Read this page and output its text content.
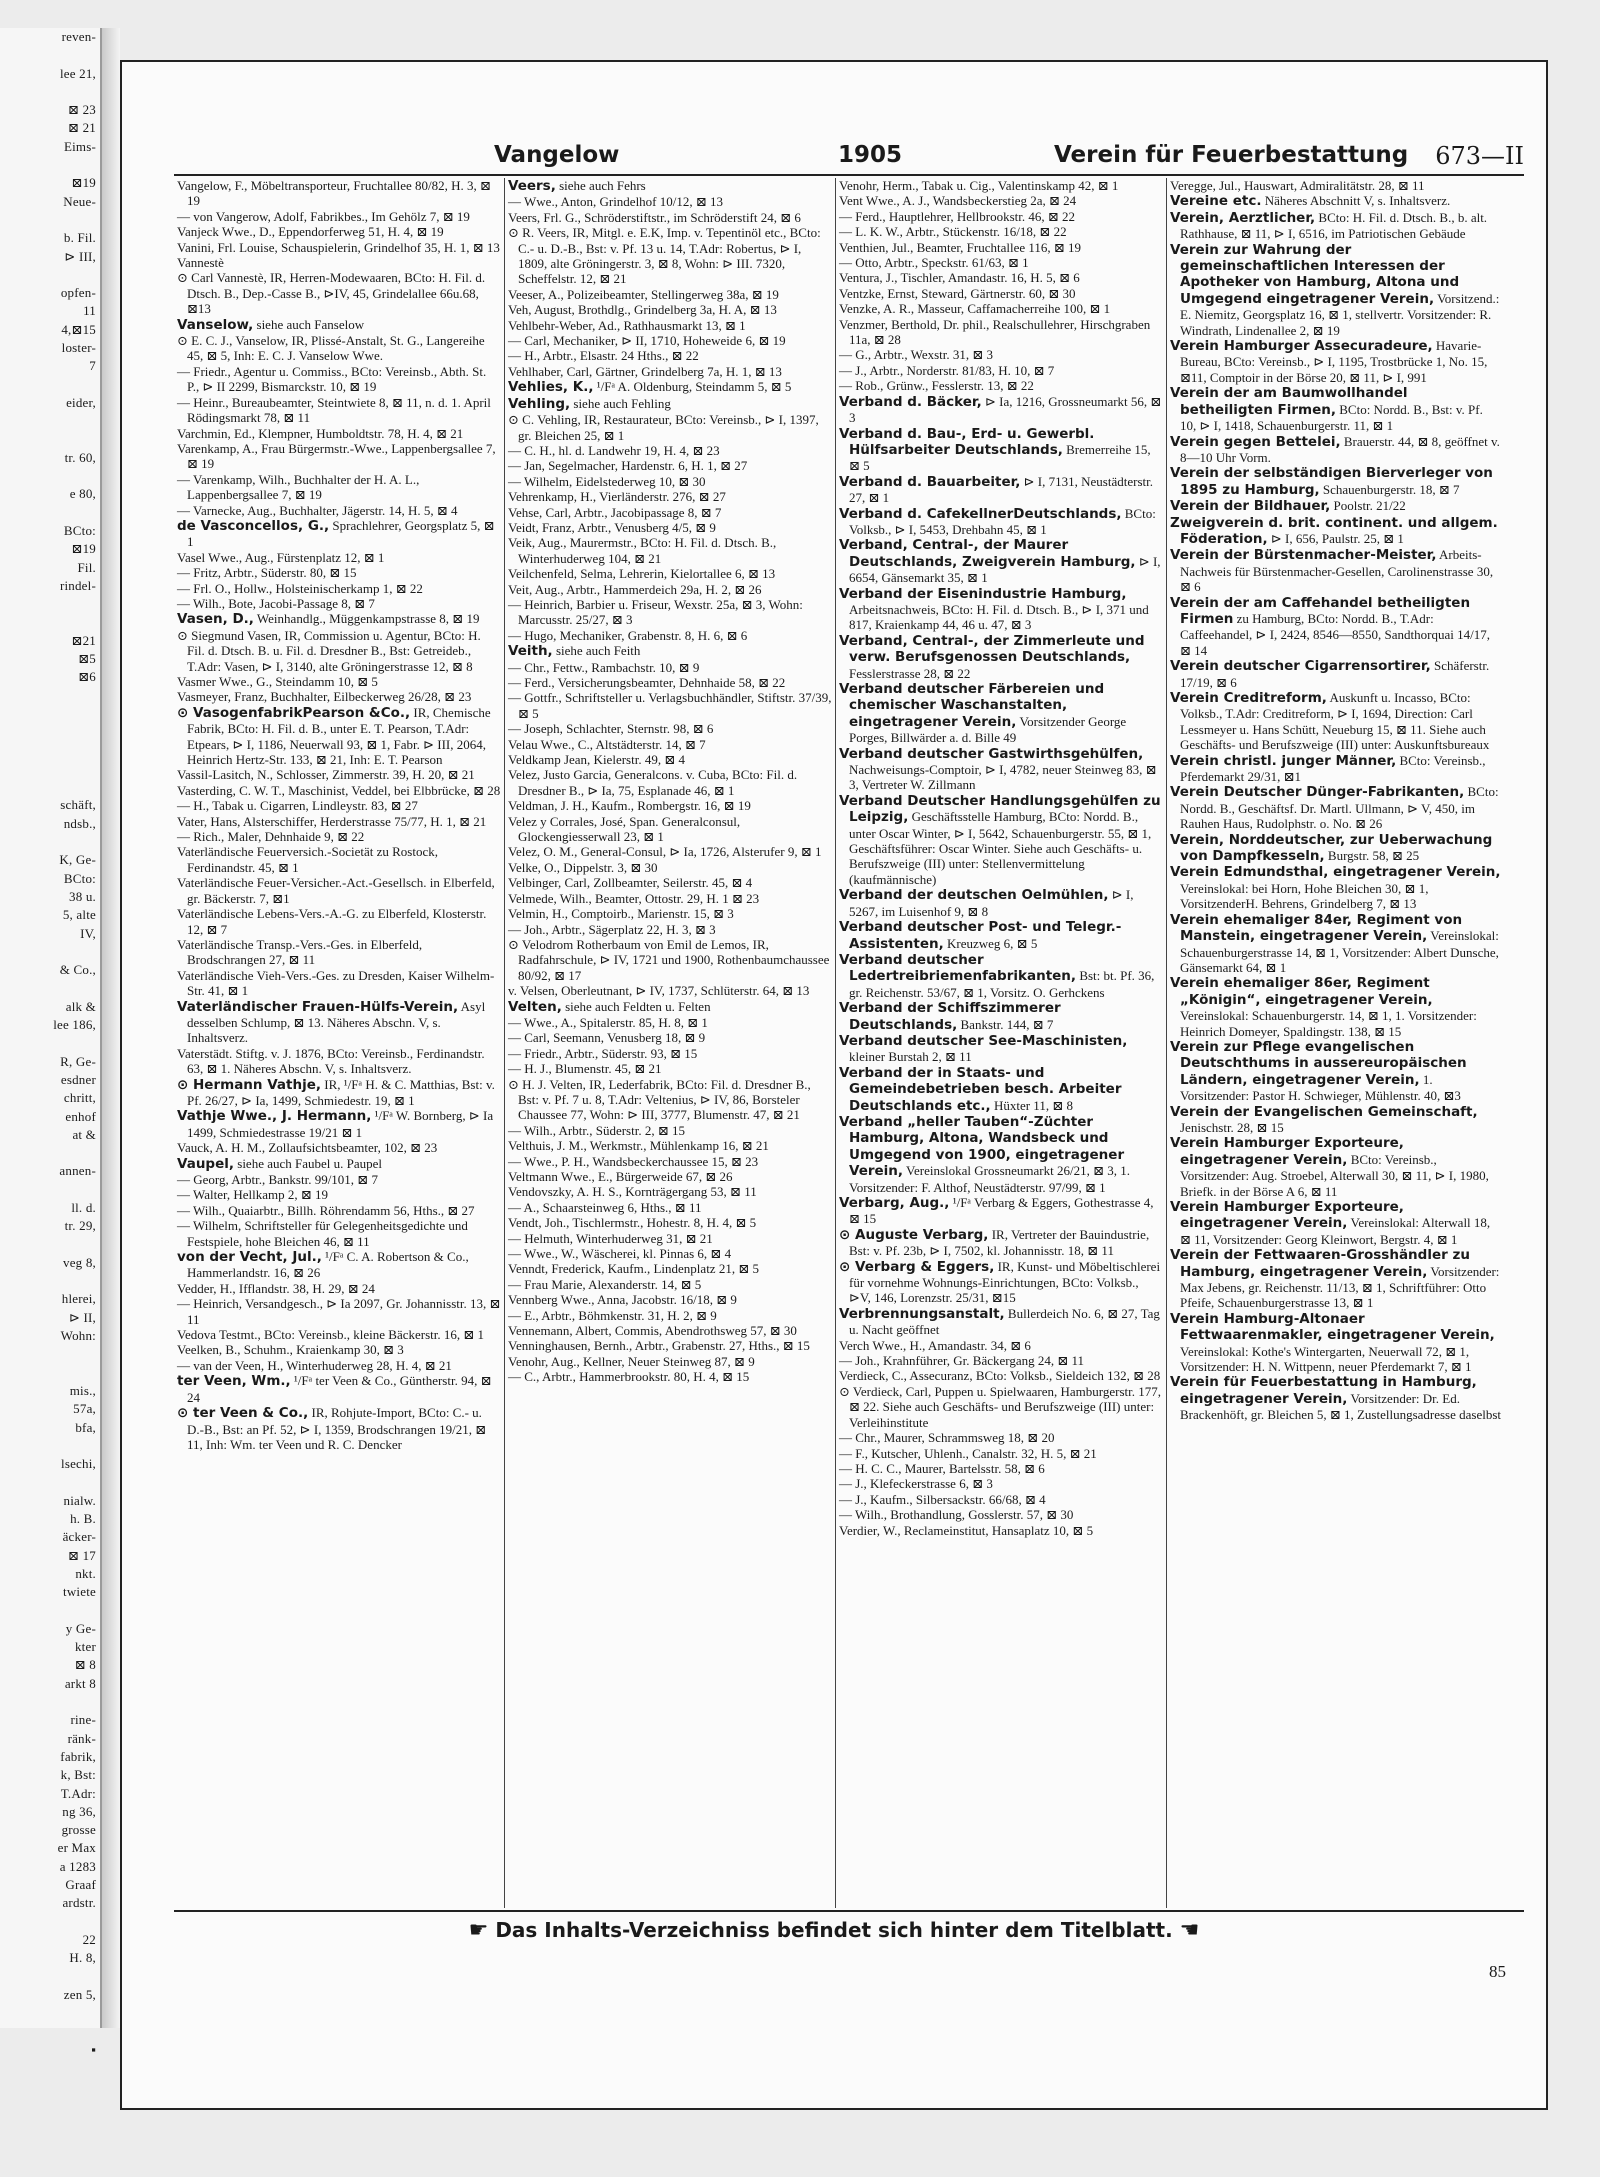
reven-

lee 21,

⊠ 23
⊠ 21
Eims-

⊠19
Neue-

b. Fil.
⊳ III,

opfen-
11
4,⊠15
loster-
7

eider,

tr. 60,

e 80,

BCto:
⊠19
Fil.
rindel-

⊠21
⊠5
⊠6

schäft,
ndsb.,

K, Ge-
BCto:
38 u.
5, alte
IV,

& Co.,

alk &
lee 186,

R, Ge-
esdner
chritt,
enhof
at &

annen-

ll. d.
tr. 29,

veg 8,

hlerei,
⊳ II,
Wohn:

mis.,
57a,
bfa,

lsechi,

nialw.
h. B.
äcker-
⊠ 17
nkt.
twiete

y Ge-
kter
⊠ 8
arkt 8

rine-
ränk-
fabrik,
k, Bst:
T.Adr:
ng 36,
grosse
er Max
a 1283
Graaf
ardstr.

22
H. 8,

zen 5,

▪
Vangelow	1905	Verein für Feuerbestattung 673—II

Vangelow, F., Möbeltransporteur, Fruchtallee 80/82, H. 3, ⊠ 19

— von Vangerow, Adolf, Fabrikbes., Im Gehölz 7, ⊠ 19

Vanjeck Wwe., D., Eppendorferweg 51, H. 4, ⊠ 19

Vanini, Frl. Louise, Schauspielerin, Grindelhof 35, H. 1, ⊠ 13

Vannestè

⊙ Carl Vannestè, IR, Herren-Modewaaren, BCto: H. Fil. d. Dtsch. B., Dep.-Casse B., ⊳IV, 45, Grindelallee 66u.68, ⊠13

Vanselow, siehe auch Fanselow

⊙ E. C. J., Vanselow, IR, Plissé-Anstalt, St. G., Langereihe 45, ⊠ 5, Inh: E. C. J. Vanselow Wwe.

— Friedr., Agentur u. Commiss., BCto: Vereinsb., Abth. St. P., ⊳ II 2299, Bismarckstr. 10, ⊠ 19

— Heinr., Bureaubeamter, Steintwiete 8, ⊠ 11, n. d. 1. April Rödingsmarkt 78, ⊠ 11

Varchmin, Ed., Klempner, Humboldtstr. 78, H. 4, ⊠ 21

Varenkamp, A., Frau Bürgermstr.-Wwe., Lappenbergsallee 7, ⊠ 19

— Varenkamp, Wilh., Buchhalter der H. A. L., Lappenbergsallee 7, ⊠ 19

— Varnecke, Aug., Buchhalter, Jägerstr. 14, H. 5, ⊠ 4

de Vasconcellos, G., Sprachlehrer, Georgsplatz 5, ⊠ 1

Vasel Wwe., Aug., Fürstenplatz 12, ⊠ 1

— Fritz, Arbtr., Süderstr. 80, ⊠ 15

— Frl. O., Hollw., Holsteinischerkamp 1, ⊠ 22

— Wilh., Bote, Jacobi-Passage 8, ⊠ 7

Vasen, D., Weinhandlg., Müggenkampstrasse 8, ⊠ 19

⊙ Siegmund Vasen, IR, Commission u. Agentur, BCto: H. Fil. d. Dtsch. B. u. Fil. d. Dresdner B., Bst: Getreideb., T.Adr: Vasen, ⊳ I, 3140, alte Gröningerstrasse 12, ⊠ 8

Vasmer Wwe., G., Steindamm 10, ⊠ 5

Vasmeyer, Franz, Buchhalter, Eilbeckerweg 26/28, ⊠ 23

⊙ VasogenfabrikPearson &Co., IR, Chemische Fabrik, BCto: H. Fil. d. B., unter E. T. Pearson, T.Adr: Etpears, ⊳ I, 1186, Neuerwall 93, ⊠ 1, Fabr. ⊳ III, 2064, Heinrich Hertz-Str. 133, ⊠ 21, Inh: E. T. Pearson

Vassil-Lasitch, N., Schlosser, Zimmerstr. 39, H. 20, ⊠ 21

Vasterding, C. W. T., Maschinist, Veddel, bei Elbbrücke, ⊠ 28

— H., Tabak u. Cigarren, Lindleystr. 83, ⊠ 27

Vater, Hans, Alsterschiffer, Herderstrasse 75/77, H. 1, ⊠ 21

— Rich., Maler, Dehnhaide 9, ⊠ 22

Vaterländische Feuerversich.-Societät zu Rostock, Ferdinandstr. 45, ⊠ 1

Vaterländische Feuer-Versicher.-Act.-Gesellsch. in Elberfeld, gr. Bäckerstr. 7, ⊠1

Vaterländische Lebens-Vers.-A.-G. zu Elberfeld, Klosterstr. 12, ⊠ 7

Vaterländische Transp.-Vers.-Ges. in Elberfeld, Brodschrangen 27, ⊠ 11

Vaterländische Vieh-Vers.-Ges. zu Dresden, Kaiser Wilhelm-Str. 41, ⊠ 1

Vaterländischer Frauen-Hülfs-Verein, Asyl desselben Schlump, ⊠ 13. Näheres Abschn. V, s. Inhaltsverz.

Vaterstädt. Stiftg. v. J. 1876, BCto: Vereinsb., Ferdinandstr. 63, ⊠ 1. Näheres Abschn. V, s. Inhaltsverz.

⊙ Hermann Vathje, IR, ¹/Fᵃ H. & C. Matthias, Bst: v. Pf. 26/27, ⊳ Ia, 1499, Schmiedestr. 19, ⊠ 1

Vathje Wwe., J. Hermann, ¹/Fᵃ W. Bornberg, ⊳ Ia 1499, Schmiedestrasse 19/21 ⊠ 1

Vauck, A. H. M., Zollaufsichtsbeamter, 102, ⊠ 23

Vaupel, siehe auch Faubel u. Paupel

— Georg, Arbtr., Bankstr. 99/101, ⊠ 7

— Walter, Hellkamp 2, ⊠ 19

— Wilh., Quaiarbtr., Billh. Röhrendamm 56, Hths., ⊠ 27

— Wilhelm, Schriftsteller für Gelegenheitsgedichte und Festspiele, hohe Bleichen 46, ⊠ 11

von der Vecht, Jul., ¹/Fᵃ C. A. Robertson & Co., Hammerlandstr. 16, ⊠ 26

Vedder, H., Ifflandstr. 38, H. 29, ⊠ 24

— Heinrich, Versandgesch., ⊳ Ia 2097, Gr. Johannisstr. 13, ⊠ 11

Vedova Testmt., BCto: Vereinsb., kleine Bäckerstr. 16, ⊠ 1

Veelken, B., Schuhm., Kraienkamp 30, ⊠ 3

— van der Veen, H., Winterhuderweg 28, H. 4, ⊠ 21

ter Veen, Wm., ¹/Fᵃ ter Veen & Co., Güntherstr. 94, ⊠ 24

⊙ ter Veen & Co., IR, Rohjute-Import, BCto: C.- u. D.-B., Bst: an Pf. 52, ⊳ I, 1359, Brodschrangen 19/21, ⊠ 11, Inh: Wm. ter Veen und R. C. Dencker

Veers, siehe auch Fehrs

— Wwe., Anton, Grindelhof 10/12, ⊠ 13

Veers, Frl. G., Schröderstiftstr., im Schröderstift 24, ⊠ 6

⊙ R. Veers, IR, Mitgl. e. E.K, Imp. v. Tepentinöl etc., BCto: C.- u. D.-B., Bst: v. Pf. 13 u. 14, T.Adr: Robertus, ⊳ I, 1809, alte Gröningerstr. 3, ⊠ 8, Wohn: ⊳ III. 7320, Scheffelstr. 12, ⊠ 21

Veeser, A., Polizeibeamter, Stellingerweg 38a, ⊠ 19

Veh, August, Brothdlg., Grindelberg 3a, H. A, ⊠ 13

Vehlbehr-Weber, Ad., Rathhausmarkt 13, ⊠ 1

— Carl, Mechaniker, ⊳ II, 1710, Hoheweide 6, ⊠ 19

— H., Arbtr., Elsastr. 24 Hths., ⊠ 22

Vehlhaber, Carl, Gärtner, Grindelberg 7a, H. 1, ⊠ 13

Vehlies, K., ¹/Fᵃ A. Oldenburg, Steindamm 5, ⊠ 5

Vehling, siehe auch Fehling

⊙ C. Vehling, IR, Restaurateur, BCto: Vereinsb., ⊳ I, 1397, gr. Bleichen 25, ⊠ 1

— C. H., hl. d. Landwehr 19, H. 4, ⊠ 23

— Jan, Segelmacher, Hardenstr. 6, H. 1, ⊠ 27

— Wilhelm, Eidelstederweg 10, ⊠ 30

Vehrenkamp, H., Vierländerstr. 276, ⊠ 27

Vehse, Carl, Arbtr., Jacobipassage 8, ⊠ 7

Veidt, Franz, Arbtr., Venusberg 4/5, ⊠ 9

Veik, Aug., Maurermstr., BCto: H. Fil. d. Dtsch. B., Winterhuderweg 104, ⊠ 21

Veilchenfeld, Selma, Lehrerin, Kielortallee 6, ⊠ 13

Veit, Aug., Arbtr., Hammerdeich 29a, H. 2, ⊠ 26

— Heinrich, Barbier u. Friseur, Wexstr. 25a, ⊠ 3, Wohn: Marcusstr. 25/27, ⊠ 3

— Hugo, Mechaniker, Grabenstr. 8, H. 6, ⊠ 6

Veith, siehe auch Feith

— Chr., Fettw., Rambachstr. 10, ⊠ 9

— Ferd., Versicherungsbeamter, Dehnhaide 58, ⊠ 22

— Gottfr., Schriftsteller u. Verlagsbuchhändler, Stiftstr. 37/39, ⊠ 5

— Joseph, Schlachter, Sternstr. 98, ⊠ 6

Velau Wwe., C., Altstädterstr. 14, ⊠ 7

Veldkamp Jean, Kielerstr. 49, ⊠ 4

Velez, Justo Garcia, Generalcons. v. Cuba, BCto: Fil. d. Dresdner B., ⊳ Ia, 75, Esplanade 46, ⊠ 1

Veldman, J. H., Kaufm., Rombergstr. 16, ⊠ 19

Velez y Corrales, José, Span. Generalconsul, Glockengiesserwall 23, ⊠ 1

Velez, O. M., General-Consul, ⊳ Ia, 1726, Alsterufer 9, ⊠ 1

Velke, O., Dippelstr. 3, ⊠ 30

Velbinger, Carl, Zollbeamter, Seilerstr. 45, ⊠ 4

Velmede, Wilh., Beamter, Ottostr. 29, H. 1 ⊠ 23

Velmin, H., Comptoirb., Marienstr. 15, ⊠ 3

— Joh., Arbtr., Sägerplatz 22, H. 3, ⊠ 3

⊙ Velodrom Rotherbaum von Emil de Lemos, IR, Radfahrschule, ⊳ IV, 1721 und 1900, Rothenbaumchaussee 80/92, ⊠ 17

v. Velsen, Oberleutnant, ⊳ IV, 1737, Schlüterstr. 64, ⊠ 13

Velten, siehe auch Feldten u. Felten

— Wwe., A., Spitalerstr. 85, H. 8, ⊠ 1

— Carl, Seemann, Venusberg 18, ⊠ 9

— Friedr., Arbtr., Süderstr. 93, ⊠ 15

— H. J., Blumenstr. 45, ⊠ 21

⊙ H. J. Velten, IR, Lederfabrik, BCto: Fil. d. Dresdner B., Bst: v. Pf. 7 u. 8, T.Adr: Veltenius, ⊳ IV, 86, Borsteler Chaussee 77, Wohn: ⊳ III, 3777, Blumenstr. 47, ⊠ 21

— Wilh., Arbtr., Süderstr. 2, ⊠ 15

Velthuis, J. M., Werkmstr., Mühlenkamp 16, ⊠ 21

— Wwe., P. H., Wandsbeckerchaussee 15, ⊠ 23

Veltmann Wwe., E., Bürgerweide 67, ⊠ 26

Vendovszky, A. H. S., Kornträgergang 53, ⊠ 11

— A., Schaarsteinweg 6, Hths., ⊠ 11

Vendt, Joh., Tischlermstr., Hohestr. 8, H. 4, ⊠ 5

— Helmuth, Winterhuderweg 31, ⊠ 21

— Wwe., W., Wäscherei, kl. Pinnas 6, ⊠ 4

Venndt, Frederick, Kaufm., Lindenplatz 21, ⊠ 5

— Frau Marie, Alexanderstr. 14, ⊠ 5

Vennberg Wwe., Anna, Jacobstr. 16/18, ⊠ 9

— E., Arbtr., Böhmkenstr. 31, H. 2, ⊠ 9

Vennemann, Albert, Commis, Abendrothsweg 57, ⊠ 30

Venninghausen, Bernh., Arbtr., Grabenstr. 27, Hths., ⊠ 15

Venohr, Aug., Kellner, Neuer Steinweg 87, ⊠ 9

— C., Arbtr., Hammerbrookstr. 80, H. 4, ⊠ 15

Venohr, Herm., Tabak u. Cig., Valentinskamp 42, ⊠ 1

Vent Wwe., A. J., Wandsbeckerstieg 2a, ⊠ 24

— Ferd., Hauptlehrer, Hellbrookstr. 46, ⊠ 22

— L. K. W., Arbtr., Stückenstr. 16/18, ⊠ 22

Venthien, Jul., Beamter, Fruchtallee 116, ⊠ 19

— Otto, Arbtr., Speckstr. 61/63, ⊠ 1

Ventura, J., Tischler, Amandastr. 16, H. 5, ⊠ 6

Ventzke, Ernst, Steward, Gärtnerstr. 60, ⊠ 30

Venzke, A. R., Masseur, Caffamacherreihe 100, ⊠ 1

Venzmer, Berthold, Dr. phil., Realschullehrer, Hirschgraben 11a, ⊠ 28

— G., Arbtr., Wexstr. 31, ⊠ 3

— J., Arbtr., Norderstr. 81/83, H. 10, ⊠ 7

— Rob., Grünw., Fesslerstr. 13, ⊠ 22

Verband d. Bäcker, ⊳ Ia, 1216, Grossneumarkt 56, ⊠ 3

Verband d. Bau-, Erd- u. Gewerbl. Hülfsarbeiter Deutschlands, Bremerreihe 15, ⊠ 5

Verband d. Bauarbeiter, ⊳ I, 7131, Neustädterstr. 27, ⊠ 1

Verband d. CafekellnerDeutschlands, BCto: Volksb., ⊳ I, 5453, Drehbahn 45, ⊠ 1

Verband, Central-, der Maurer Deutschlands, Zweigverein Hamburg, ⊳ I, 6654, Gänsemarkt 35, ⊠ 1

Verband der Eisenindustrie Hamburg, Arbeitsnachweis, BCto: H. Fil. d. Dtsch. B., ⊳ I, 371 und 817, Kraienkamp 44, 46 u. 47, ⊠ 3

Verband, Central-, der Zimmerleute und verw. Berufsgenossen Deutschlands, Fesslerstrasse 28, ⊠ 22

Verband deutscher Färbereien und chemischer Waschanstalten, eingetragener Verein, Vorsitzender George Porges, Billwärder a. d. Bille 49

Verband deutscher Gastwirthsgehülfen, Nachweisungs-Comptoir, ⊳ I, 4782, neuer Steinweg 83, ⊠ 3, Vertreter W. Zillmann

Verband Deutscher Handlungsgehülfen zu Leipzig, Geschäftsstelle Hamburg, BCto: Nordd. B., unter Oscar Winter, ⊳ I, 5642, Schauenburgerstr. 55, ⊠ 1, Geschäftsführer: Oscar Winter. Siehe auch Geschäfts- u. Berufszweige (III) unter: Stellenvermittelung (kaufmännische)

Verband der deutschen Oelmühlen, ⊳ I, 5267, im Luisenhof 9, ⊠ 8

Verband deutscher Post- und Telegr.-Assistenten, Kreuzweg 6, ⊠ 5

Verband deutscher Ledertreibriemenfabrikanten, Bst: bt. Pf. 36, gr. Reichenstr. 53/67, ⊠ 1, Vorsitz. O. Gerhckens

Verband der Schiffszimmerer Deutschlands, Bankstr. 144, ⊠ 7

Verband deutscher See-Maschinisten, kleiner Burstah 2, ⊠ 11

Verband der in Staats- und Gemeindebetrieben besch. Arbeiter Deutschlands etc., Hüxter 11, ⊠ 8

Verband „heller Tauben“-Züchter Hamburg, Altona, Wandsbeck und Umgegend von 1900, eingetragener Verein, Vereinslokal Grossneumarkt 26/21, ⊠ 3, 1. Vorsitzender: F. Althof, Neustädterstr. 97/99, ⊠ 1

Verbarg, Aug., ¹/Fᵃ Verbarg & Eggers, Gothestrasse 4, ⊠ 15

⊙ Auguste Verbarg, IR, Vertreter der Bauindustrie, Bst: v. Pf. 23b, ⊳ I, 7502, kl. Johannisstr. 18, ⊠ 11

⊙ Verbarg & Eggers, IR, Kunst- und Möbeltischlerei für vornehme Wohnungs-Einrichtungen, BCto: Volksb., ⊳V, 146, Lorenzstr. 25/31, ⊠15

Verbrennungsanstalt, Bullerdeich No. 6, ⊠ 27, Tag u. Nacht geöffnet

Verch Wwe., H., Amandastr. 34, ⊠ 6

— Joh., Krahnführer, Gr. Bäckergang 24, ⊠ 11

Verdieck, C., Assecuranz, BCto: Volksb., Sieldeich 132, ⊠ 28

⊙ Verdieck, Carl, Puppen u. Spielwaaren, Hamburgerstr. 177, ⊠ 22. Siehe auch Geschäfts- und Berufszweige (III) unter: Verleihinstitute

— Chr., Maurer, Schrammsweg 18, ⊠ 20

— F., Kutscher, Uhlenh., Canalstr. 32, H. 5, ⊠ 21

— H. C. C., Maurer, Bartelsstr. 58, ⊠ 6

— J., Klefeckerstrasse 6, ⊠ 3

— J., Kaufm., Silbersackstr. 66/68, ⊠ 4

— Wilh., Brothandlung, Gosslerstr. 57, ⊠ 30

Verdier, W., Reclameinstitut, Hansaplatz 10, ⊠ 5

Veregge, Jul., Hauswart, Admiralitätstr. 28, ⊠ 11

Vereine etc. Näheres Abschnitt V, s. Inhaltsverz.

Verein, Aerztlicher, BCto: H. Fil. d. Dtsch. B., b. alt. Rathhause, ⊠ 11, ⊳ I, 6516, im Patriotischen Gebäude

Verein zur Wahrung der gemeinschaftlichen Interessen der Apotheker von Hamburg, Altona und Umgegend eingetragener Verein, Vorsitzend.: E. Niemitz, Georgsplatz 16, ⊠ 1, stellvertr. Vorsitzender: R. Windrath, Lindenallee 2, ⊠ 19

Verein Hamburger Assecuradeure, Havarie-Bureau, BCto: Vereinsb., ⊳ I, 1195, Trostbrücke 1, No. 15, ⊠11, Comptoir in der Börse 20, ⊠ 11, ⊳ I, 991

Verein der am Baumwollhandel betheiligten Firmen, BCto: Nordd. B., Bst: v. Pf. 10, ⊳ I, 1418, Schauenburgerstr. 11, ⊠ 1

Verein gegen Bettelei, Brauerstr. 44, ⊠ 8, geöffnet v. 8—10 Uhr Vorm.

Verein der selbständigen Bierverleger von 1895 zu Hamburg, Schauenburgerstr. 18, ⊠ 7

Verein der Bildhauer, Poolstr. 21/22

Zweigverein d. brit. continent. und allgem. Föderation, ⊳ I, 656, Paulstr. 25, ⊠ 1

Verein der Bürstenmacher-Meister, Arbeits-Nachweis für Bürstenmacher-Gesellen, Carolinenstrasse 30, ⊠ 6

Verein der am Caffehandel betheiligten Firmen zu Hamburg, BCto: Nordd. B., T.Adr: Caffeehandel, ⊳ I, 2424, 8546—8550, Sandthorquai 14/17, ⊠ 14

Verein deutscher Cigarrensortirer, Schäferstr. 17/19, ⊠ 6

Verein Creditreform, Auskunft u. Incasso, BCto: Volksb., T.Adr: Creditreform, ⊳ I, 1694, Direction: Carl Lessmeyer u. Hans Schütt, Neueburg 15, ⊠ 11. Siehe auch Geschäfts- und Berufszweige (III) unter: Auskunftsbureaux

Verein christl. junger Männer, BCto: Vereinsb., Pferdemarkt 29/31, ⊠1

Verein Deutscher Dünger-Fabrikanten, BCto: Nordd. B., Geschäftsf. Dr. Martl. Ullmann, ⊳ V, 450, im Rauhen Haus, Rudolphstr. o. No. ⊠ 26

Verein, Norddeutscher, zur Ueberwachung von Dampfkesseln, Burgstr. 58, ⊠ 25

Verein Edmundsthal, eingetragener Verein, Vereinslokal: bei Horn, Hohe Bleichen 30, ⊠ 1, VorsitzenderH. Behrens, Grindelberg 7, ⊠ 13

Verein ehemaliger 84er, Regiment von Manstein, eingetragener Verein, Vereinslokal: Schauenburgerstrasse 14, ⊠ 1, Vorsitzender: Albert Dunsche, Gänsemarkt 64, ⊠ 1

Verein ehemaliger 86er, Regiment „Königin“, eingetragener Verein, Vereinslokal: Schauenburgerstr. 14, ⊠ 1, 1. Vorsitzender: Heinrich Domeyer, Spaldingstr. 138, ⊠ 15

Verein zur Pflege evangelischen Deutschthums in aussereuropäischen Ländern, eingetragener Verein, 1. Vorsitzender: Pastor H. Schwieger, Mühlenstr. 40, ⊠3

Verein der Evangelischen Gemeinschaft, Jenischstr. 28, ⊠ 15

Verein Hamburger Exporteure, eingetragener Verein, BCto: Vereinsb., Vorsitzender: Aug. Stroebel, Alterwall 30, ⊠ 11, ⊳ I, 1980, Briefk. in der Börse A 6, ⊠ 11

Verein Hamburger Exporteure, eingetragener Verein, Vereinslokal: Alterwall 18, ⊠ 11, Vorsitzender: Georg Kleinwort, Bergstr. 4, ⊠ 1

Verein der Fettwaaren-Grosshändler zu Hamburg, eingetragener Verein, Vorsitzender: Max Jebens, gr. Reichenstr. 11/13, ⊠ 1, Schriftführer: Otto Pfeife, Schauenburgerstrasse 13, ⊠ 1

Verein Hamburg-Altonaer Fettwaarenmakler, eingetragener Verein, Vereinslokal: Kothe's Wintergarten, Neuerwall 72, ⊠ 1, Vorsitzender: H. N. Wittpenn, neuer Pferdemarkt 7, ⊠ 1

Verein für Feuerbestattung in Hamburg, eingetragener Verein, Vorsitzender: Dr. Ed. Brackenhöft, gr. Bleichen 5, ⊠ 1, Zustellungsadresse daselbst

☛ Das Inhalts-Verzeichniss befindet sich hinter dem Titelblatt. ☚
85
